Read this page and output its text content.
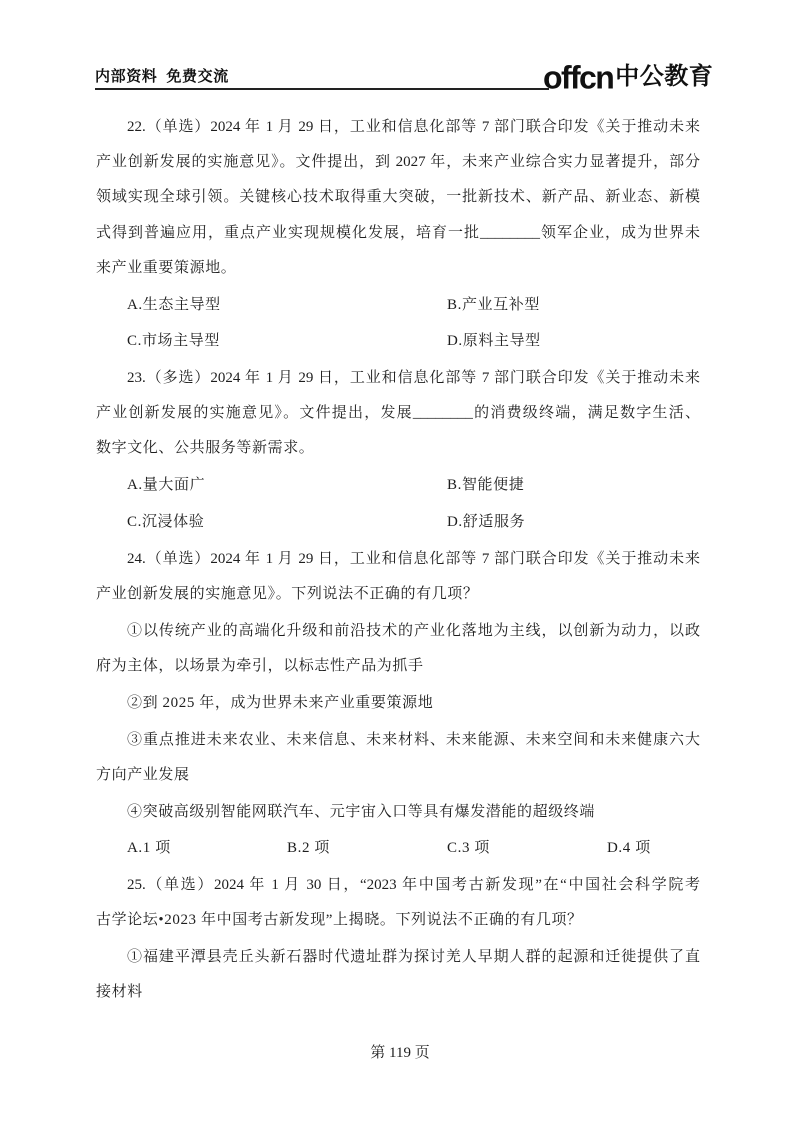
内部资料 免费交流	offcn中公教育
22.（单选）2024 年 1 月 29 日，工业和信息化部等 7 部门联合印发《关于推动未来
产业创新发展的实施意见》。文件提出，到 2027 年，未来产业综合实力显著提升，部分
领域实现全球引领。关键核心技术取得重大突破，一批新技术、新产品、新业态、新模
式得到普遍应用，重点产业实现规模化发展，培育一批________领军企业，成为世界未
来产业重要策源地。
A.生态主导型	B.产业互补型
C.市场主导型	D.原料主导型
23.（多选）2024 年 1 月 29 日，工业和信息化部等 7 部门联合印发《关于推动未来
产业创新发展的实施意见》。文件提出，发展________的消费级终端，满足数字生活、
数字文化、公共服务等新需求。
A.量大面广	B.智能便捷
C.沉浸体验	D.舒适服务
24.（单选）2024 年 1 月 29 日，工业和信息化部等 7 部门联合印发《关于推动未来
产业创新发展的实施意见》。下列说法不正确的有几项？
①以传统产业的高端化升级和前沿技术的产业化落地为主线，以创新为动力，以政
府为主体，以场景为牵引，以标志性产品为抓手
②到 2025 年，成为世界未来产业重要策源地
③重点推进未来农业、未来信息、未来材料、未来能源、未来空间和未来健康六大
方向产业发展
④突破高级别智能网联汽车、元宇宙入口等具有爆发潜能的超级终端
A.1 项	B.2 项	C.3 项	D.4 项
25.（单选）2024 年 1 月 30 日，“2023 年中国考古新发现”在“中国社会科学院考
古学论坛•2023 年中国考古新发现”上揭晓。下列说法不正确的有几项？
①福建平潭县壳丘头新石器时代遗址群为探讨羌人早期人群的起源和迁徙提供了直
接材料
第 119 页
